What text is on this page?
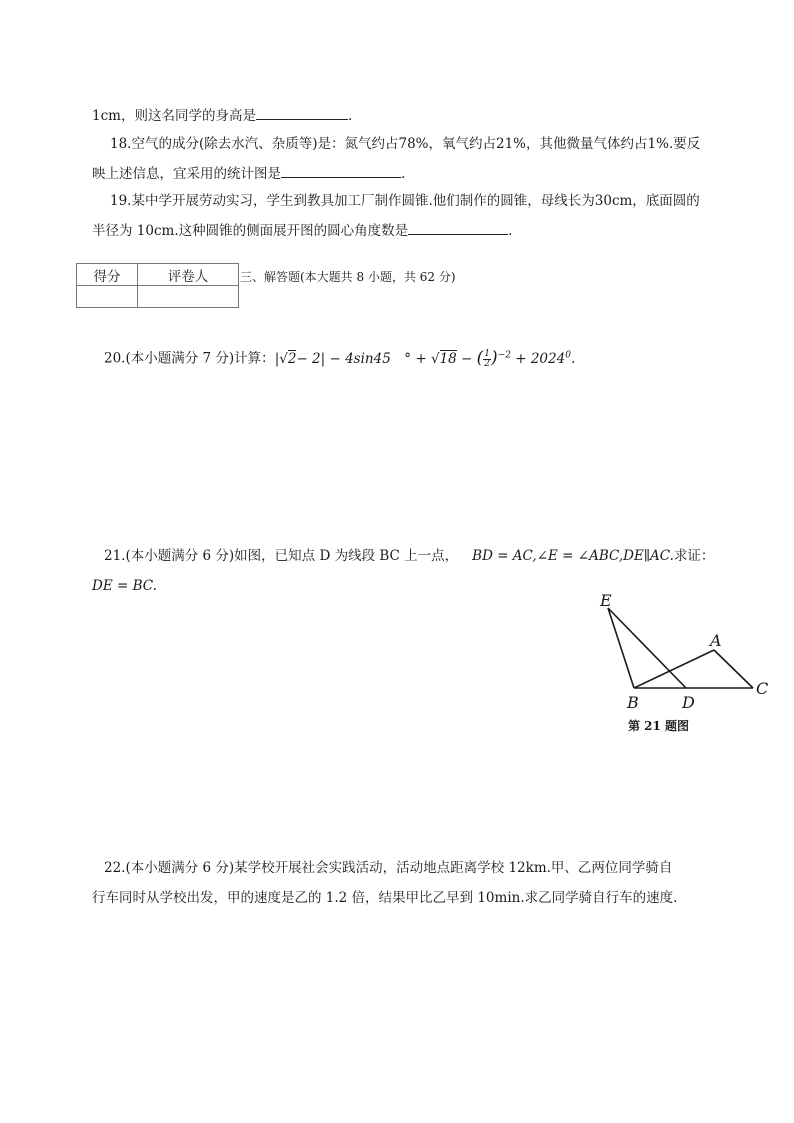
1cm，则这名同学的身高是	.
18.空气的成分(除去水汽、杂质等)是：氮气约占78%，氧气约占21%，其他微量气体约占1%.要反
映上述信息，宜采用的统计图是	.
19.某中学开展劳动实习，学生到教具加工厂制作圆锥.他们制作的圆锥，母线长为30cm，底面圆的
半径为 10cm.这种圆锥的侧面展开图的圆心角度数是	.
得分	评卷人
		三、解答题(本大题共 8 小题，共 62 分)
20.(本小题满分 7 分)计算：|√2− 2| − 4sin45　° + √18 − ( $\frac{1}{2} )^{-2} + 2024^0$.
21.(本小题满分 6 分)如图，已知点 D 为线段 BC 上一点， BD = AC,∠E = ∠ABC,DE∥AC.求证：
DE = BC.
E
A
B	D
C
第 21 题图
22.(本小题满分 6 分)某学校开展社会实践活动，活动地点距离学校 12km.甲、乙两位同学骑自
行车同时从学校出发，甲的速度是乙的 1.2 倍，结果甲比乙早到 10min.求乙同学骑自行车的速度.
